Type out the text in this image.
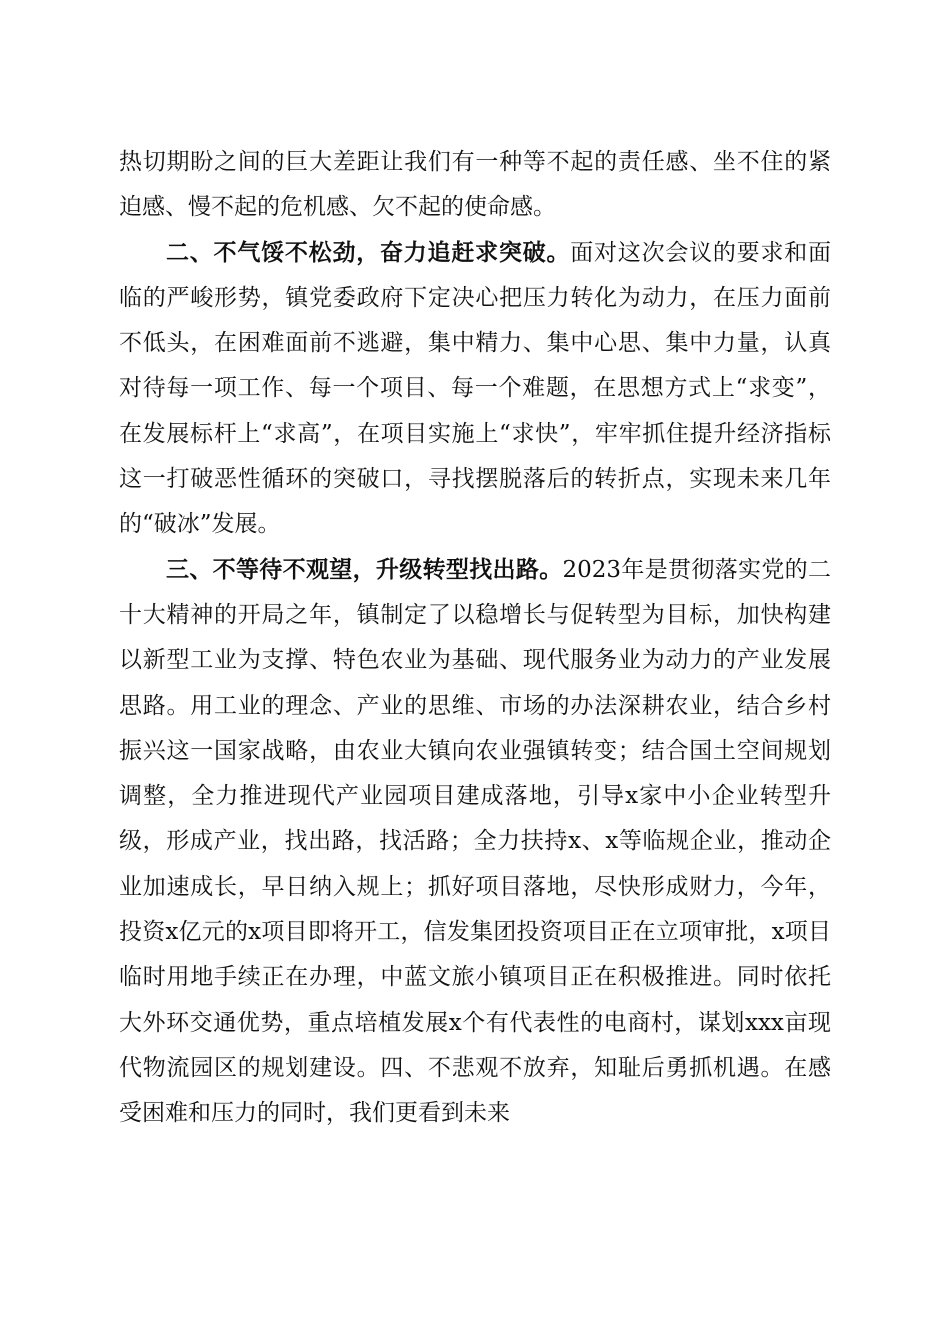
热切期盼之间的巨大差距让我们有一种等不起的责任感、坐不住的紧迫感、慢不起的危机感、欠不起的使命感。

二、不气馁不松劲，奋力追赶求突破。面对这次会议的要求和面临的严峻形势，镇党委政府下定决心把压力转化为动力，在压力面前不低头，在困难面前不逃避，集中精力、集中心思、集中力量，认真对待每一项工作、每一个项目、每一个难题，在思想方式上“求变”，在发展标杆上“求高”，在项目实施上“求快”，牢牢抓住提升经济指标这一打破恶性循环的突破口，寻找摆脱落后的转折点，实现未来几年的“破冰”发展。

三、不等待不观望，升级转型找出路。2023年是贯彻落实党的二十大精神的开局之年，镇制定了以稳增长与促转型为目标，加快构建以新型工业为支撑、特色农业为基础、现代服务业为动力的产业发展思路。用工业的理念、产业的思维、市场的办法深耕农业，结合乡村振兴这一国家战略，由农业大镇向农业强镇转变；结合国土空间规划调整，全力推进现代产业园项目建成落地，引导x家中小企业转型升级，形成产业，找出路，找活路；全力扶持x、x等临规企业，推动企业加速成长，早日纳入规上；抓好项目落地，尽快形成财力，今年，投资x亿元的x项目即将开工，信发集团投资项目正在立项审批，x项目临时用地手续正在办理，中蓝文旅小镇项目正在积极推进。同时依托大外环交通优势，重点培植发展x个有代表性的电商村，谋划xxx亩现代物流园区的规划建设。四、不悲观不放弃，知耻后勇抓机遇。在感受困难和压力的同时，我们更看到未来
